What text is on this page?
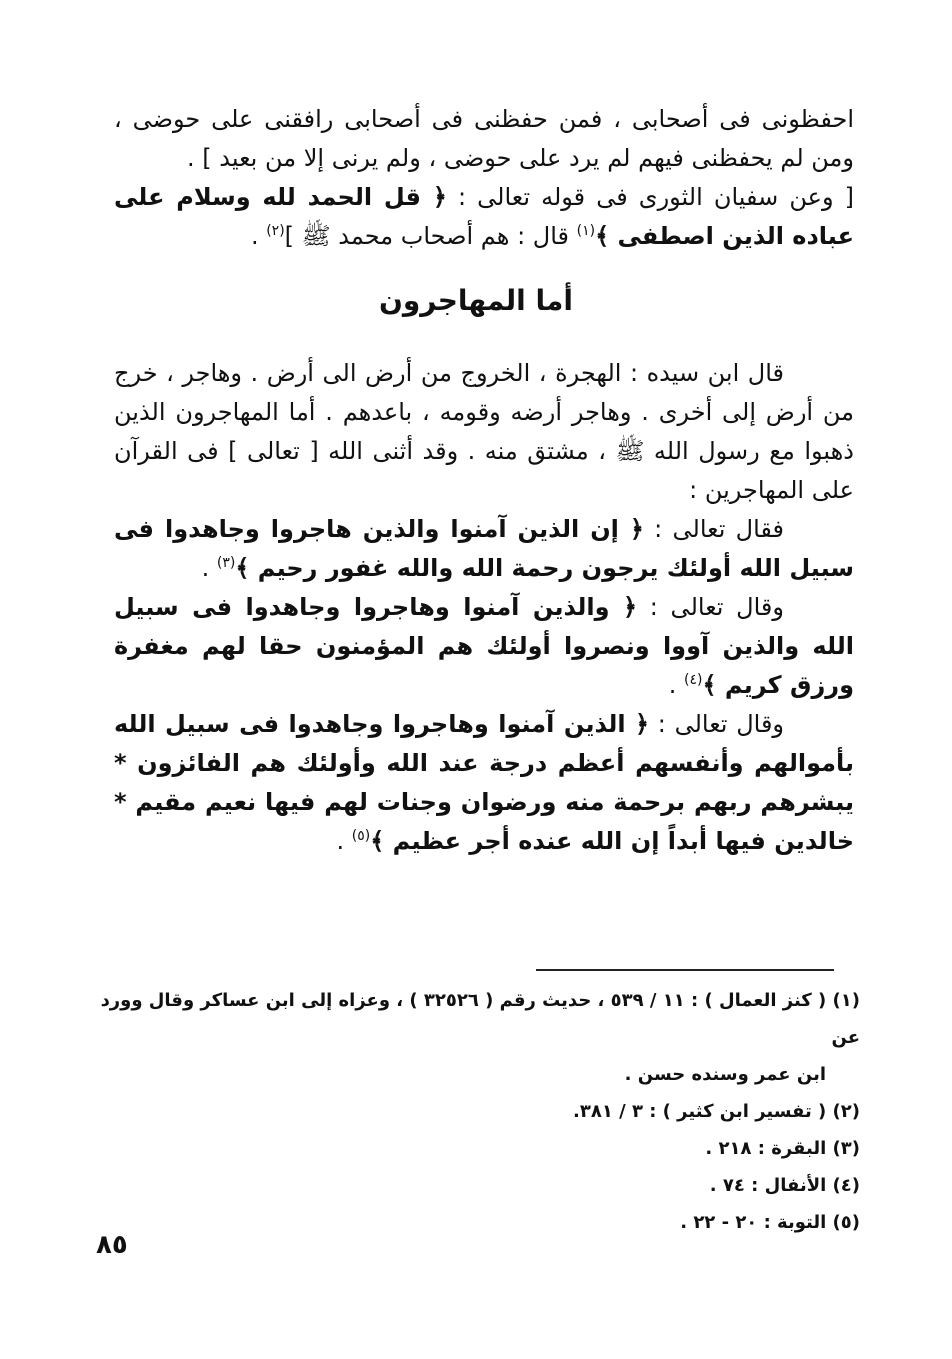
احفظونى فى أصحابى ، فمن حفظنى فى أصحابى رافقنى على حوضى ، ومن لم يحفظنى فيهم لم يرد على حوضى ، ولم يرنى إلا من بعيد ] .

[ وعن سفيان الثورى فى قوله تعالى : ﴿ قل الحمد لله وسلام على عباده الذين اصطفى ﴾$^{(١)}$ قال : هم أصحاب محمد ﷺ ]$^{(٢)}$ .

أما المهاجرون

قال ابن سيده : الهجرة ، الخروج من أرض الى أرض . وهاجر ، خرج من أرض إلى أخرى . وهاجر أرضه وقومه ، باعدهم . أما المهاجرون الذين ذهبوا مع رسول الله ﷺ ، مشتق منه . وقد أثنى الله [ تعالى ] فى القرآن على المهاجرين :

فقال تعالى : ﴿ إن الذين آمنوا والذين هاجروا وجاهدوا فى سبيل الله أولئك يرجون رحمة الله والله غفور رحيم ﴾$^{(٣)}$ .

وقال تعالى : ﴿ والذين آمنوا وهاجروا وجاهدوا فى سبيل الله والذين آووا ونصروا أولئك هم المؤمنون حقا لهم مغفرة ورزق كريم ﴾$^{(٤)}$ .

وقال تعالى : ﴿ الذين آمنوا وهاجروا وجاهدوا فى سبيل الله بأموالهم وأنفسهم أعظم درجة عند الله وأولئك هم الفائزون * يبشرهم ربهم برحمة منه ورضوان وجنات لهم فيها نعيم مقيم * خالدين فيها أبداً إن الله عنده أجر عظيم ﴾$^{(٥)}$ .

(١) ( كنز العمال ) : ١١ / ٥٣٩ ، حديث رقم ( ٣٢٥٢٦ ) ، وعزاه إلى ابن عساكر وقال وورد عن

ابن عمر وسنده حسن .

(٢) ( تفسير ابن كثير ) : ٣ / ٣٨١.

(٣) البقرة : ٢١٨ .

(٤) الأنفال : ٧٤ .

(٥) التوبة : ٢٠ - ٢٢ .

٨٥
